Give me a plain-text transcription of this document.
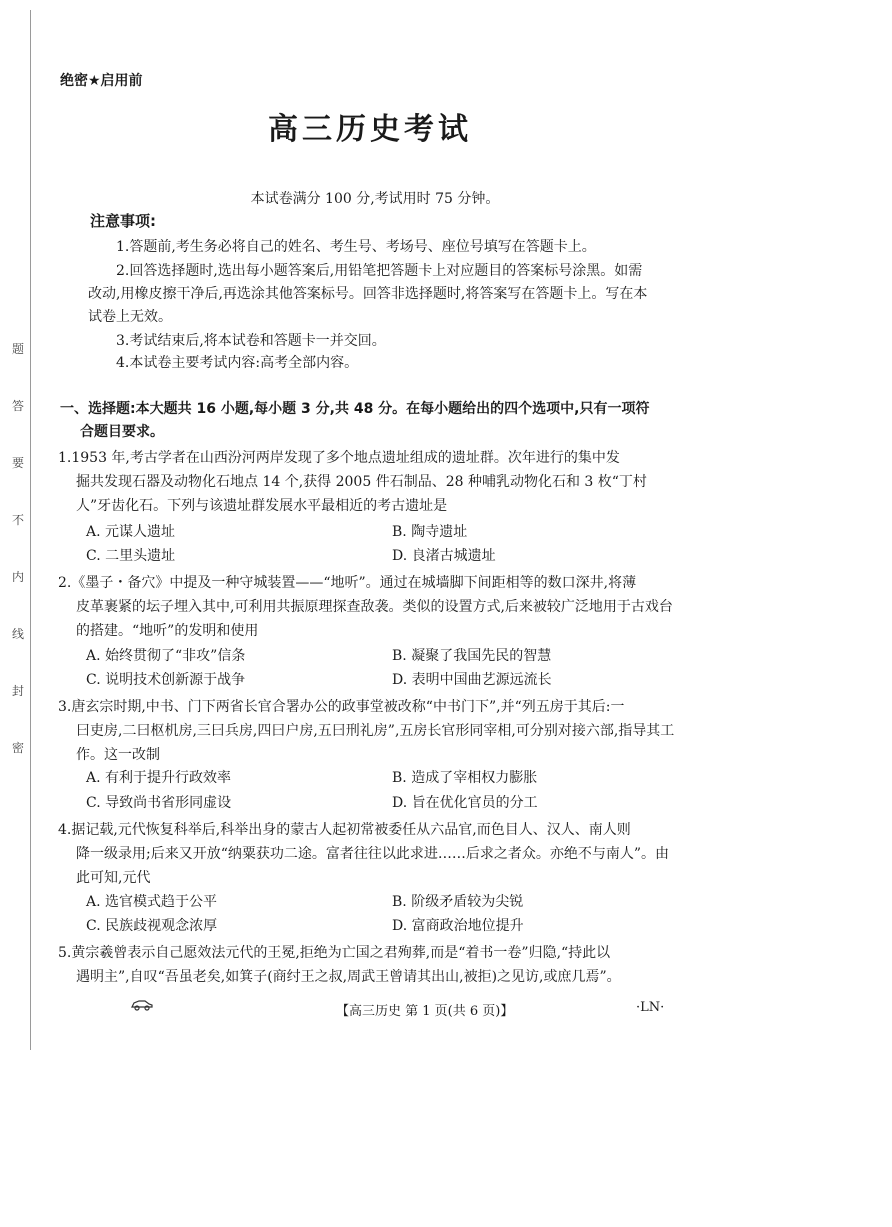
题
答
要
不
内
线
封
密
绝密★启用前
高三历史考试
本试卷满分 100 分,考试用时 75 分钟。
注意事项:
1.答题前,考生务必将自己的姓名、考生号、考场号、座位号填写在答题卡上。
2.回答选择题时,选出每小题答案后,用铅笔把答题卡上对应题目的答案标号涂黑。如需改动,用橡皮擦干净后,再选涂其他答案标号。回答非选择题时,将答案写在答题卡上。写在本试卷上无效。
3.考试结束后,将本试卷和答题卡一并交回。
4.本试卷主要考试内容:高考全部内容。
一、选择题:本大题共 16 小题,每小题 3 分,共 48 分。在每小题给出的四个选项中,只有一项符
合题目要求。
1.1953 年,考古学者在山西汾河两岸发现了多个地点遗址组成的遗址群。次年进行的集中发
掘共发现石器及动物化石地点 14 个,获得 2005 件石制品、28 种哺乳动物化石和 3 枚“丁村人”牙齿化石。下列与该遗址群发展水平最相近的考古遗址是
A. 元谋人遗址	B. 陶寺遗址
C. 二里头遗址	D. 良渚古城遗址
2.《墨子・备穴》中提及一种守城装置——“地听”。通过在城墙脚下间距相等的数口深井,将薄
皮革裹紧的坛子埋入其中,可利用共振原理探查敌袭。类似的设置方式,后来被较广泛地用于古戏台的搭建。“地听”的发明和使用
A. 始终贯彻了“非攻”信条	B. 凝聚了我国先民的智慧
C. 说明技术创新源于战争	D. 表明中国曲艺源远流长
3.唐玄宗时期,中书、门下两省长官合署办公的政事堂被改称“中书门下”,并“列五房于其后:一
曰吏房,二曰枢机房,三曰兵房,四曰户房,五曰刑礼房”,五房长官形同宰相,可分别对接六部,指导其工作。这一改制
A. 有利于提升行政效率	B. 造成了宰相权力膨胀
C. 导致尚书省形同虚设	D. 旨在优化官员的分工
4.据记载,元代恢复科举后,科举出身的蒙古人起初常被委任从六品官,而色目人、汉人、南人则
降一级录用;后来又开放“纳粟获功二途。富者往往以此求进……后求之者众。亦绝不与南人”。由此可知,元代
A. 选官模式趋于公平	B. 阶级矛盾较为尖锐
C. 民族歧视观念浓厚	D. 富商政治地位提升
5.黄宗羲曾表示自己愿效法元代的王冕,拒绝为亡国之君殉葬,而是“着书一卷”归隐,“持此以
遇明主”,自叹“吾虽老矣,如箕子(商纣王之叔,周武王曾请其出山,被拒)之见访,或庶几焉”。
【高三历史 第 1 页(共 6 页)】	·LN·
